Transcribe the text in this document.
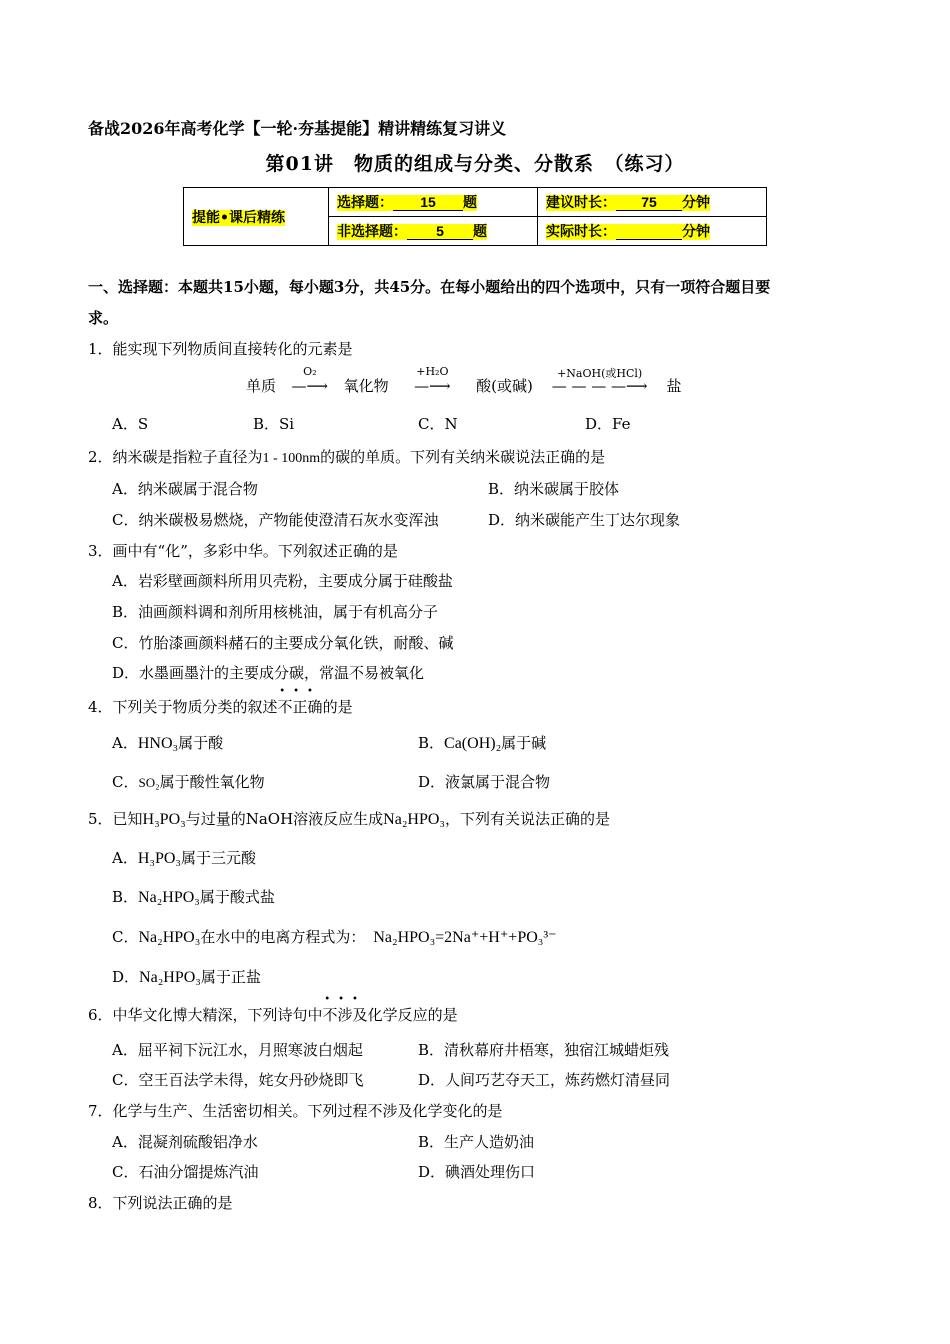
备战2026年高考化学【一轮·夯基提能】精讲精练复习讲义
第01讲　物质的组成与分类、分散系　（练习）
提能•课后精练	选择题： 15 题	建议时长： 75 分钟
	非选择题： 5 题	实际时长： 分钟
一、选择题：本题共15小题，每小题3分，共45分。在每小题给出的四个选项中，只有一项符合题目要
求。
1．能实现下列物质间直接转化的元素是
单质
O₂
—⟶ 氧化物
+H₂O
—⟶ 酸(或碱)
+NaOH(或HCl)
— — — —⟶ 盐
A．S	B．Si	C．N	D．Fe
2．纳米碳是指粒子直径为1 - 100nm的碳的单质。下列有关纳米碳说法正确的是
A．纳米碳属于混合物	B．纳米碳属于胶体
C．纳米碳极易燃烧，产物能使澄清石灰水变浑浊	D．纳米碳能产生丁达尔现象
3．画中有“化”，多彩中华。下列叙述正确的是
A．岩彩壁画颜料所用贝壳粉，主要成分属于硅酸盐
B．油画颜料调和剂所用核桃油，属于有机高分子
C．竹胎漆画颜料赭石的主要成分氧化铁，耐酸、碱
D．水墨画墨汁的主要成分碳，常温不易被氧化
4．下列关于物质分类的叙述
•••
不正确的是
A．HNO₃属于酸	B．Ca(OH)₂属于碱
C．SO₂属于酸性氧化物	D．液氯属于混合物
5．已知H₃PO₃与过量的NaOH溶液反应生成Na₂HPO₃，下列有关说法正确的是
A．H₃PO₃属于三元酸
B．Na₂HPO₃属于酸式盐
C．Na₂HPO₃在水中的电离方程式为： Na₂HPO₃=2Na⁺+H⁺+PO₃³⁻
D．Na₂HPO₃属于正盐
6．中华文化博大精深，下列诗句中
•••
不涉及化学反应的是
A．屈平祠下沅江水，月照寒波白烟起	B．清秋幕府井梧寒，独宿江城蜡炬残
C．空王百法学未得，姹女丹砂烧即飞	D．人间巧艺夺天工，炼药燃灯清昼同
7．化学与生产、生活密切相关。下列过程不涉及化学变化的是
A．混凝剂硫酸铝净水	B．生产人造奶油
C．石油分馏提炼汽油	D．碘酒处理伤口
8．下列说法正确的是
